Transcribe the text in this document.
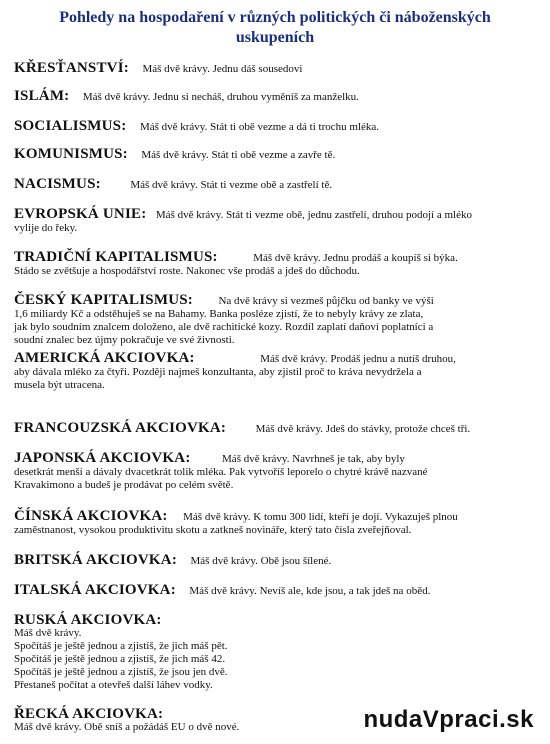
Pohledy na hospodaření v různých politických či náboženských
uskupeních
KŘESŤANSTVÍ: Máš dvě krávy. Jednu dáš sousedovi
ISLÁM: Máš dvě krávy. Jednu si necháš, druhou vyměníš za manželku.
SOCIALISMUS: Máš dvě krávy. Stát ti obě vezme a dá ti trochu mléka.
KOMUNISMUS: Máš dvě krávy. Stát ti obě vezme a zavře tě.
NACISMUS:	Máš dvě krávy. Stát ti vezme obě a zastřelí tě.
EVROPSKÁ UNIE: Máš dvě krávy. Stát ti vezme obě, jednu zastřelí, druhou podojí a mléko
vylije do řeky.
TRADIČNÍ KAPITALISMUS:	Máš dvě krávy. Jednu prodáš a koupíš si býka.
Stádo se zvětšuje a hospodářství roste. Nakonec vše prodáš a jdeš do důchodu.
ČESKÝ KAPITALISMUS: Na dvě krávy si vezmeš půjčku od banky ve výši
1,6 miliardy Kč a odstěhuješ se na Bahamy. Banka posléze zjistí, že to nebyly krávy ze zlata,
jak bylo soudním znalcem doloženo, ale dvě rachitické kozy. Rozdíl zaplatí daňoví poplatníci a
soudní znalec bez újmy pokračuje ve své živnosti.
AMERICKÁ AKCIOVKA:	Máš dvě krávy. Prodáš jednu a nutíš druhou,
aby dávala mléko za čtyři. Později najmeš konzultanta, aby zjistil proč to kráva nevydržela a
musela být utracena.
FRANCOUZSKÁ AKCIOVKA:	Máš dvě krávy. Jdeš do stávky, protože chceš tři.
JAPONSKÁ AKCIOVKA:	Máš dvě krávy. Navrhneš je tak, aby byly
desetkrát menší a dávaly dvacetkrát tolik mléka. Pak vytvoříš leporelo o chytré krávě nazvané
Kravakimono a budeš je prodávat po celém světě.
ČÍNSKÁ AKCIOVKA: Máš dvě krávy. K tomu 300 lidí, kteří je dojí. Vykazuješ plnou
zaměstnanost, vysokou produktivitu skotu a zatkneš novináře, který tato čísla zveřejňoval.
BRITSKÁ AKCIOVKA: Máš dvě krávy. Obě jsou šílené.
ITALSKÁ AKCIOVKA: Máš dvě krávy. Nevíš ale, kde jsou, a tak jdeš na oběd.
RUSKÁ AKCIOVKA:
Máš dvě krávy.
Spočítáš je ještě jednou a zjistíš, že jich máš pět.
Spočítáš je ještě jednou a zjistíš, že jich máš 42.
Spočítáš je ještě jednou a zjistíš, že jsou jen dvě.
Přestaneš počítat a otevřeš další láhev vodky.
ŘECKÁ AKCIOVKA:
Máš dvě krávy. Obě sníš a požádáš EU o dvě nové.	nudaVpraci.sk
